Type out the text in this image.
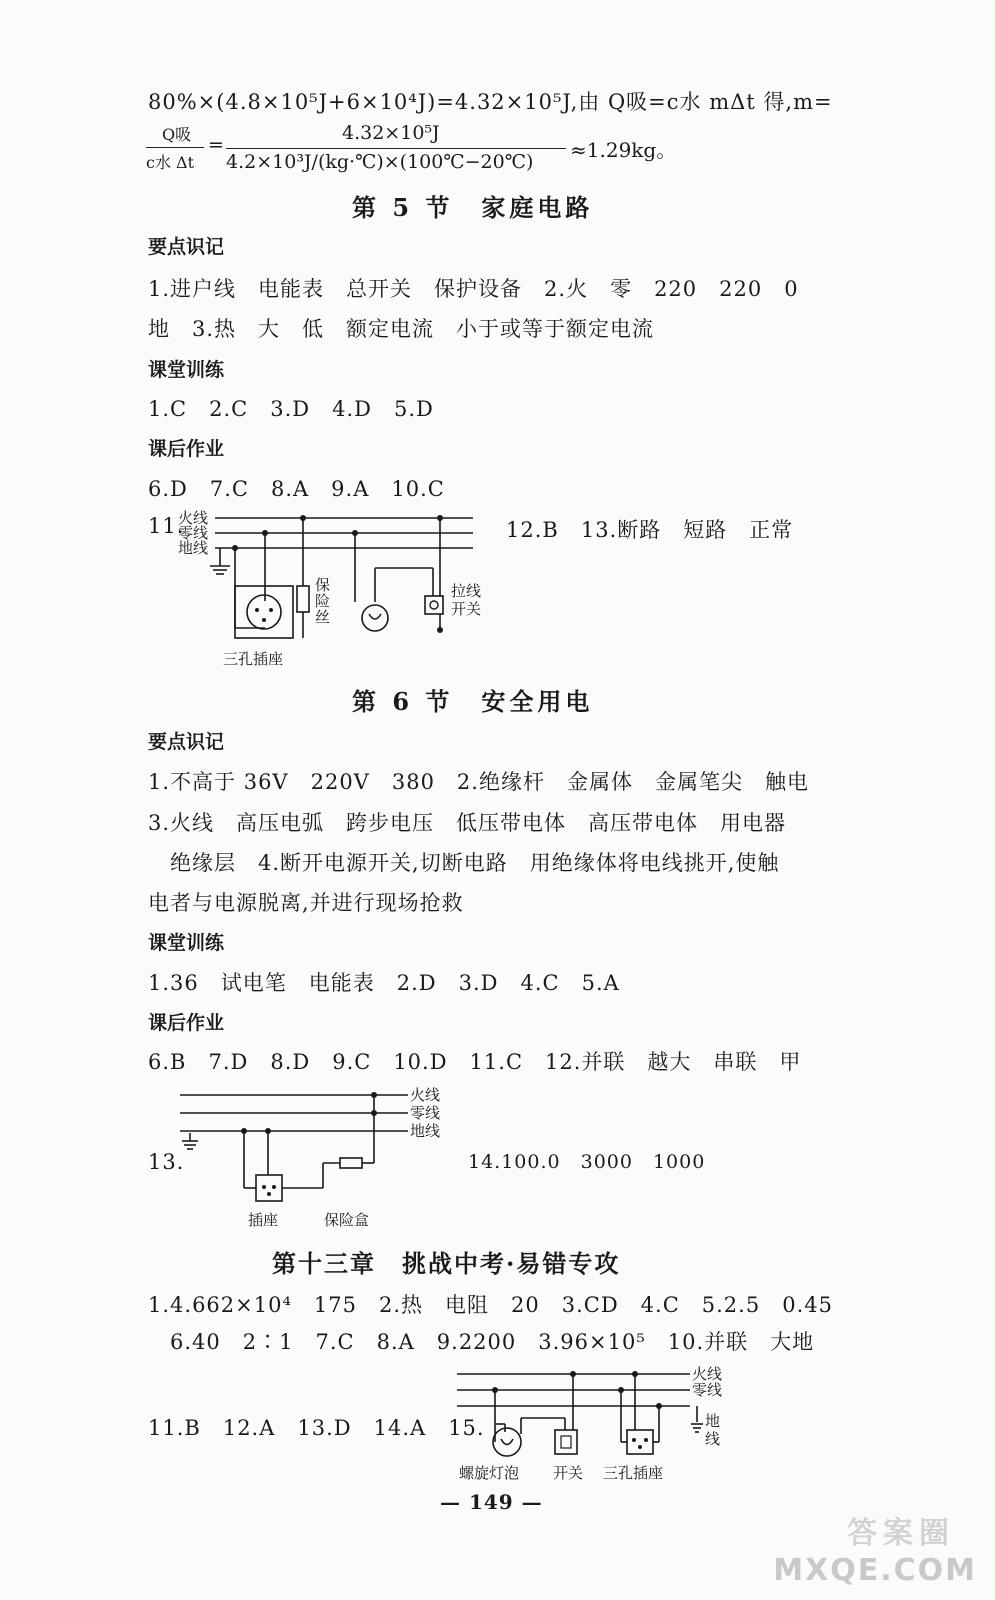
80%×(4.8×10⁵J+6×10⁴J)=4.32×10⁵J,由 Q吸=c水 mΔt 得,m=
Q吸
c水 Δt
=
4.32×10⁵J
4.2×10³J/(kg·℃)×(100℃−20℃) ≈1.29kg。
第 5 节　家庭电路
要点识记
1.进户线　电能表　总开关　保护设备　2.火　零　220　220　0
地　3.热　大　低　额定电流　小于或等于额定电流
课堂训练
1.C　2.C　3.D　4.D　5.D
课后作业
6.D　7.C　8.A　9.A　10.C
11.	12.B　13.断路　短路　正常
火线
零线
地线
保
险
丝
拉线
开关
三孔插座
第 6 节　安全用电
要点识记
1.不高于 36V　220V　380　2.绝缘杆　金属体　金属笔尖　触电
3.火线　高压电弧　跨步电压　低压带电体　高压带电体　用电器
绝缘层　4.断开电源开关,切断电路　用绝缘体将电线挑开,使触
电者与电源脱离,并进行现场抢救
课堂训练
1.36　试电笔　电能表　2.D　3.D　4.C　5.A
课后作业
6.B　7.D　8.D　9.C　10.D　11.C　12.并联　越大　串联　甲
13.	14.100.0　3000　1000
火线
零线
地线
插座	保险盒
第十三章　挑战中考·易错专攻
1.4.662×10⁴　175　2.热　电阻　20　3.CD　4.C　5.2.5　0.45
6.40　2∶1　7.C　8.A　9.2200　3.96×10⁵　10.并联　大地
11.B　12.A　13.D　14.A　15.
火线
零线
地
线
螺旋灯泡 开关 三孔插座
— 149 —
答案圈
MXQE.COM
